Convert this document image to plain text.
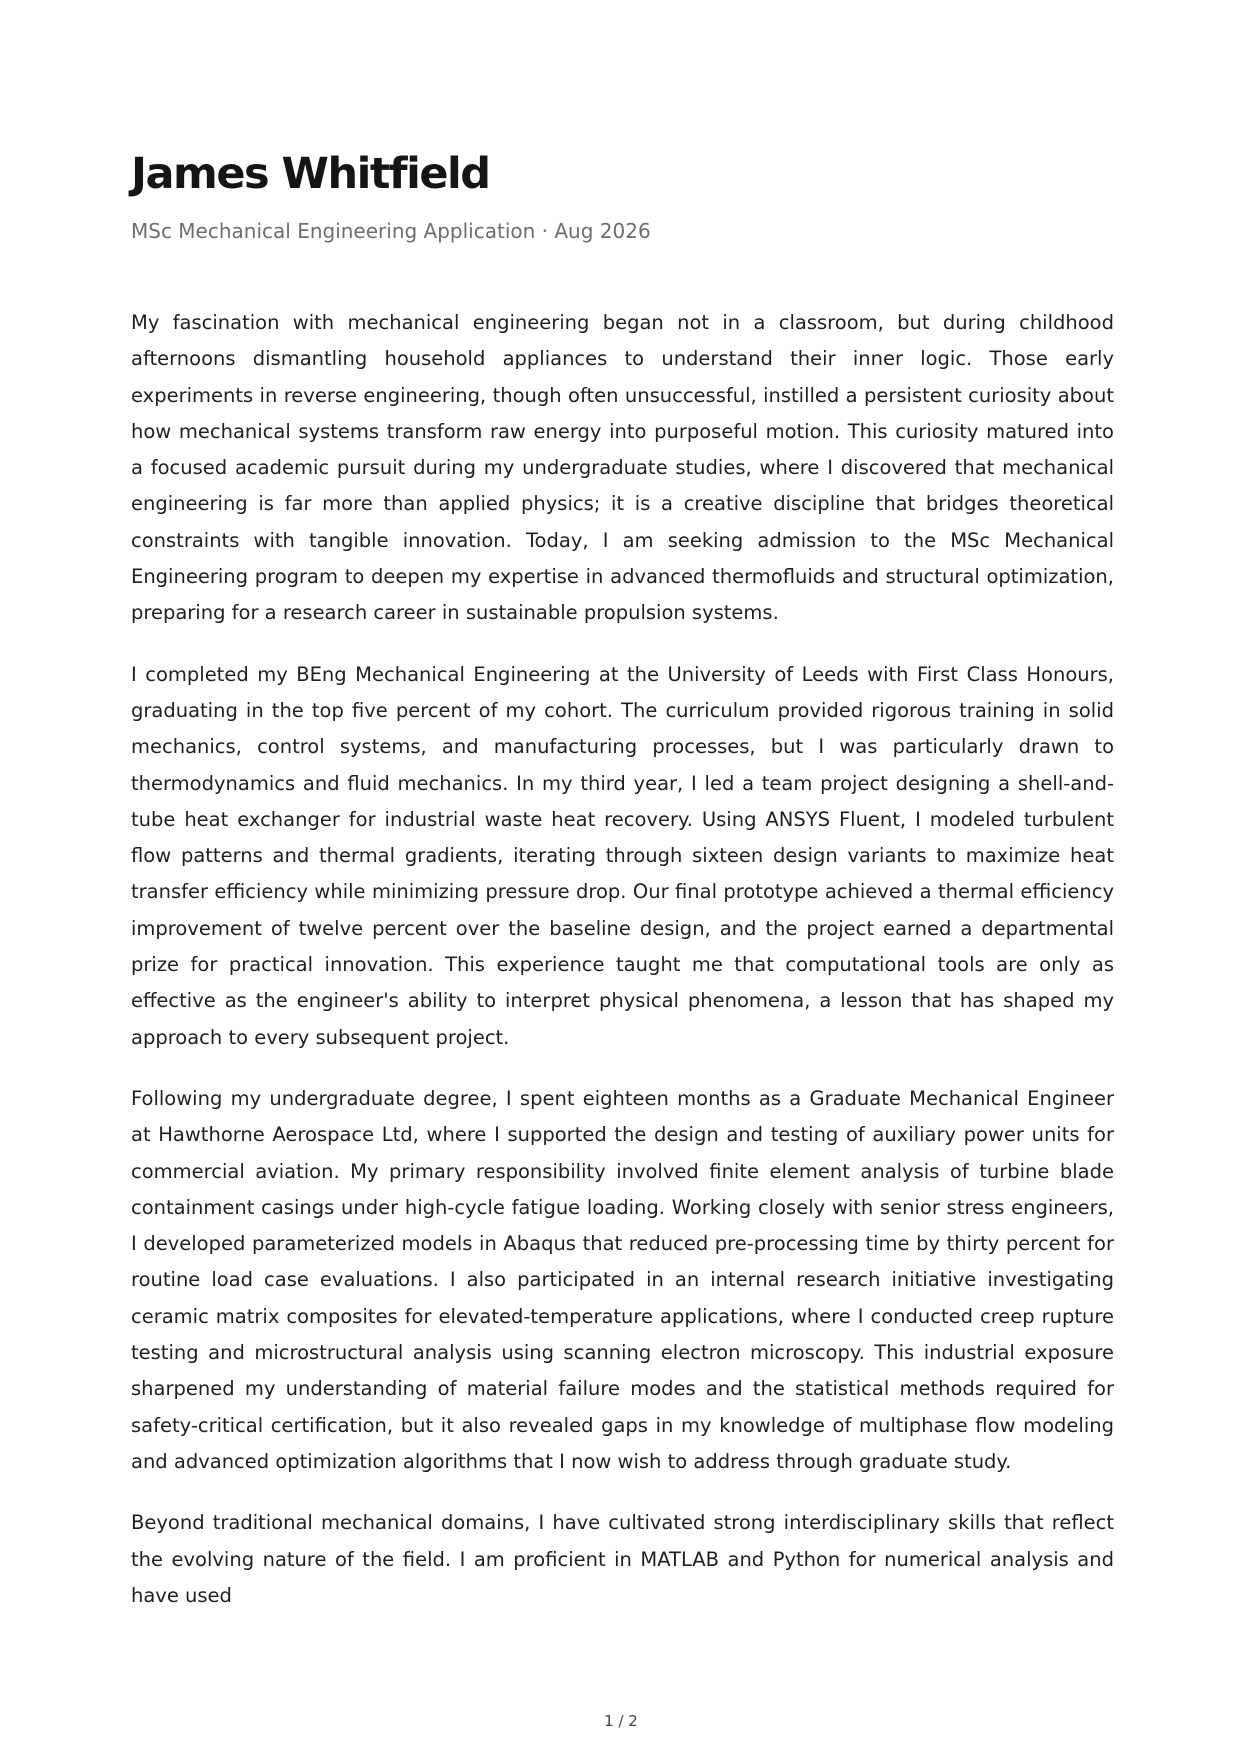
James Whitfield
MSc Mechanical Engineering Application · Aug 2026

My fascination with mechanical engineering began not in a classroom, but during childhood afternoons dismantling household appliances to understand their inner logic. Those early experiments in reverse engineering, though often unsuccessful, instilled a persistent curiosity about how mechanical systems transform raw energy into purposeful motion. This curiosity matured into a focused academic pursuit during my undergraduate studies, where I discovered that mechanical engineering is far more than applied physics; it is a creative discipline that bridges theoretical constraints with tangible innovation. Today, I am seeking admission to the MSc Mechanical Engineering program to deepen my expertise in advanced thermofluids and structural optimization, preparing for a research career in sustainable propulsion systems.

I completed my BEng Mechanical Engineering at the University of Leeds with First Class Honours, graduating in the top five percent of my cohort. The curriculum provided rigorous training in solid mechanics, control systems, and manufacturing processes, but I was particularly drawn to thermodynamics and fluid mechanics. In my third year, I led a team project designing a shell-and-tube heat exchanger for industrial waste heat recovery. Using ANSYS Fluent, I modeled turbulent flow patterns and thermal gradients, iterating through sixteen design variants to maximize heat transfer efficiency while minimizing pressure drop. Our final prototype achieved a thermal efficiency improvement of twelve percent over the baseline design, and the project earned a departmental prize for practical innovation. This experience taught me that computational tools are only as effective as the engineer's ability to interpret physical phenomena, a lesson that has shaped my approach to every subsequent project.

Following my undergraduate degree, I spent eighteen months as a Graduate Mechanical Engineer at Hawthorne Aerospace Ltd, where I supported the design and testing of auxiliary power units for commercial aviation. My primary responsibility involved finite element analysis of turbine blade containment casings under high-cycle fatigue loading. Working closely with senior stress engineers, I developed parameterized models in Abaqus that reduced pre-processing time by thirty percent for routine load case evaluations. I also participated in an internal research initiative investigating ceramic matrix composites for elevated-temperature applications, where I conducted creep rupture testing and microstructural analysis using scanning electron microscopy. This industrial exposure sharpened my understanding of material failure modes and the statistical methods required for safety-critical certification, but it also revealed gaps in my knowledge of multiphase flow modeling and advanced optimization algorithms that I now wish to address through graduate study.

Beyond traditional mechanical domains, I have cultivated strong interdisciplinary skills that reflect the evolving nature of the field. I am proficient in MATLAB and Python for numerical analysis and have used

1 / 2
